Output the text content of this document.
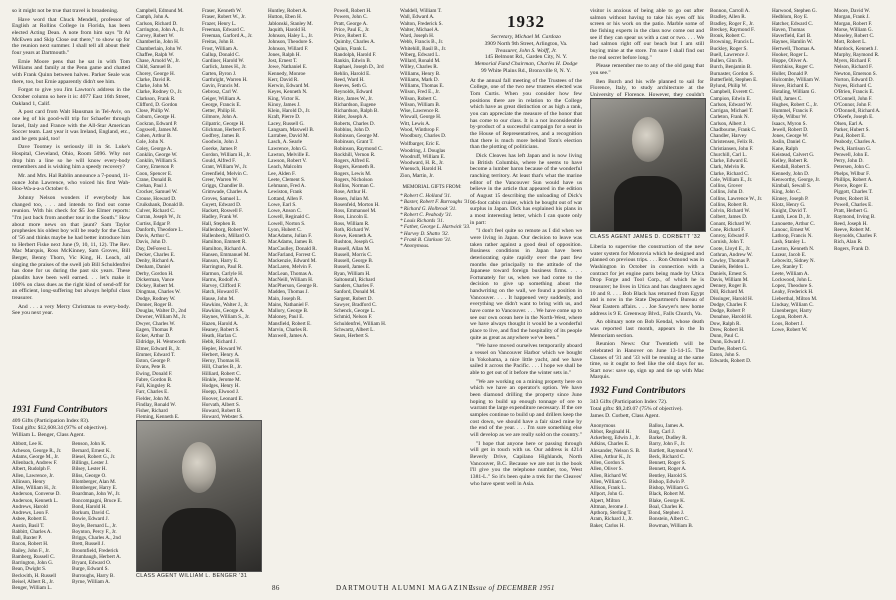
so it might not be true that travel is broadening.

Have word that Chuck Mendell, professor of English at Rollins College in Florida, has been elected Acting Dean. A note from him says "It Al McEwen and Skip Close out there," to show up for the reunion next summer. I shall tell all about their four years at Dartmouth."

Ernie Moore pens that he sat in with Tom Williams and family at the Penn game and chatted with Frank Quinn between halves. Parker Seale was there, too, but Ernie apparently didn't see him.

Forgot to give you Jim Lawton's address in the October column so here it is: 4077 East 16th Street, Oakland 1, Calif.

A post card from Walt Hausman in Tel-Aviv, on one leg of his good-will trip for Schaefer through Israel, Italy and France with the All-Star American Soccer team. Last year it was Ireland, England, etc., and he gets paid, too!

Dave Toomey is seriously ill in St. Luke's Hospital, Cleveland, Ohio, Room 5096. Why not drop him a line so he will know every-body remembers and is wishing him a speedy recovery?

Mr. and Mrs. Hal Rablin announce a 7-pound, 11-ounce John Lawrence, who voiced his first Wah-Hoo-Wa-a-a-a October 6.

Johnny Nelson wonders if everybody has changed too, . . . and intends to find out come reunion. With his check for $5 Joe Elmer reports: "I'm just back from another tour in the South." How about more news on that jaunt? Sam Taylor prophesies his oldest boy will be ready for the Class of '56 and thinks maybe he had better introduce him to Herbert Fiske next June (9, 10, 11, 12). The Rev. Mac Marquis, Ross McKinney, Sam Groves, Bill Berger, Benny Thorn, Vic King, H. Leach, all singing the praises of the swell job Bill Schuldenfrei has done for us during the past six years. These plaudits have been well earned. . . let's make it 100% on class dues as the right kind of send-off for an efficient, long-suffering but always helpful class treasurer.

And . . . a very Merry Christmas to every-body. See you next year.

1931 Fund Contributors
409 Gifts (Participation Index 83).
Total gifts: $12,608.34 (97% of objective).
William L. Benger, Class Agent.
Abbott, Lee K.
Acheson, George R., Jr.
Adams, George M., Jr.
Allenbach, Andrew F.
Albert, Rudolph F.
Allen, Lawrence, Jr.
Allinson, Henry
Allen, William H., Jr.
Anderson, Converse D.
Anderson, Kenneth L.
Andrews, Harold
Andrews, Leon F.
Asbee, Robert E.
Austin, Basil T.
Babbitt, Charles A.
Ball, Baxter P.
Bacon, Robert H.
Bailey, John F., Jr.
Bamberg, Russell C.
Barrington, John G.
Bean, Dwight S.
Beckwith, H. Russell
Beisel, Albert R., Jr.
Benger, William L.
Benson, John K.
Bernard, Ernest K.
Biesel, Robert G., Jr.
Billings, Lester J.
Bilsey, Lester H.
Bliss, George O.
Blomberger, Alan M.
Blomberger, Harry E.
Boardman, John W., Jr.
Boncompagni, Bruce E.
Bond, Harold H.
Borkum, David C.
Bowie, Edward J.
Boyle, Bernard L., Jr.
Boynton, Percy F., Jr.
Briggs, Charles A., 2nd
Brett, Russell J.
Broomfield, Frederick
Brumbaugh, Herbert A.
Bryant, Edward O.
Burge, Edward S.
Burroughs, Harry B.
Byrne, William A.
Campbell, Edmund M.
Camph, John A.
Carlson, Richard D.
Carrington, John A., Jr.
Carvey, Robert W.
Chamberlin, John H.
Chamberlain, John W.
Chaffee, Ralph W.
Chase, Arnold W., Jr.
Child, Samuel B.
Chorey, George H.
Clarke, David R.
Clarke, John M.
Clarke, Rodney O., Jr.
Clarkson, Frank R.
Clifford, D. Gordon
Close, Philip W.
Coburn, George H.
Cockran, Edward P.
Cogswell, James M.
Cohen, Arthur B.
Cole, John N.
Coley, George A.
Conklin, George W.
Conklin, William S.
Corey, Emerson P.
Coon, Spencer E.
Crane, Donald B.
Crehan, Paul J.
Crocker, Samuel W.
Crouse, Howard D.
Cruikshank, Donald B.
Culver, Richard C.
Curran, Joseph W., Jr.
Curtiss, Edgar P.
Danforth, Theodore L.
Davis, Arthur C.
Davis, John D.
Day, DeForest L.
Decker, Charles E.
Denby, Richard A.
Denham, Daniel
Derby, Gordon H.
Dickerman, Vance
Dickey, Robert M.
Dingman, Charles W.
Dodge, Rodney W.
Donner, Roger B.
Douglas, Walter D., 2nd
Downer, William M., Jr.
Dwyer, Charles W.
Eagen, Thomas P.
Ecker, Arthur D.
Eldridge, H. Wentworth
Elmer, Edward B., Jr.
Emmer, Edward T.
Eston, George P.
Evans, Pete B.
Ewing, Donald F.
Fabre, Gordon B.
Fall, Kingsley R.
Farr, Charles E.
Fielder, John M.
Findlay, Ronald W.
Fisher, Richard
Fleming, Kenneth E.
Fraser, Kenneth W.
Fraser, Robert W., Jr.
Frazer, Henry L.
Freeman, Edward C.
Freeman, Garford A., Jr.
Freitas, John B.
Frost, William A.
Gallup, Donald C.
Gardiner, Harold W.
Garlick, James H., Jr.
Garten, Byron J.
Garthright, Warren H.
Gavin, Francis M.
Gebrosz, Carl W.
Geiger, William A.
George, Francis E.
Getter, Philip H.
Gilmore, John A.
Gilpatric, George H.
Glickman, Herbert F.
Godfrey, James B.
Goodwin, John J.
Goerke, James P.
Gordon, William H., Jr.
Gould, Alfred F.
Grant, William W., Jr.
Greenfield, Melvin C.
Greer, Warren W.
Griggs, Chandler B.
Grimwade, Charles A.
Groves, Samuel L.
Guyett, Edward D.
Hackett, Roswell F.
Hadley, Frank W.
Hall, Stephen B.
Hallenborg, Robert W.
Hallenbeck, Millard O.
Hamilton, Emmett R.
Hamilton, Richard A.
Hansen, Emmanuel M.
Hanson, Harry E.
Harrington, Paul R.
Harmon, Carlyle H.
Harms, Rodolf A.
Harvey, Clifford F.
Hatch, Howard F.
Hause, John M.
Hawkins, Walter J., Jr.
Hawkins, George A.
Haynes, William S., Jr.
Hazen, Harold A.
Heaney, Robert S.
Heath, Harlan C.
Hebb, Richard J.
Hepler, Howard W.
Herbert, Henry A.
Heroy, Thomas H.
Hill, Charles B., Jr.
Hilliard, Robert C.
Hinkle, Jerome M.
Hodges, Henry H.
Hoepp, Elwood J.
Hoover, Leonard E.
Horvath, Albert S.
Howard, Robert B.
Howard, Webster S.
CLASS AGENT WILLIAM L. BENGER '31
Huntley, Robert A.
Hutton, Eben H.
Jablonski, Stanley M.
Jaquith, Harold H.
Johnson, Haley L., Jr.
Johnson, Theodore S.
Johnson, Willard F.
Jones, Ralph H.
Jost, Ernest T.
Jowe, Nathaniel E.
Kennedy, Monroe
Kerr, David R.
Kerwin, Edward M.
Keyes, Kenneth N.
King, Victor K.
Kinoy, James J.
Klein, Harold D., Jr.
Kraft, Pierre D.
Lacey, Russell G.
Langsam, Maxwell B.
Larrabee, David M.
Lasch, A. Searle
Lawrence, John G.
Lawton, Melville E.
Lawson, Robert V.
Leach, Malcolm
Lee, Alden F.
Leete, Clement S.
Lehmann, Fred A.
Lewiston, Frank
Lottand, Allen F.
Lowe, Earl S.
Lowe, Anson C.
Lowell, Reginald C.
Lowell, Norton S.
Lyon, Hubert C.
MacAdams, Julian F.
MacAdams, James B.
MacCaulley, Donald R.
MacFarland, Forrest C.
Mackenzie, Edward M.
MacLaren, Melvin F.
MacLean, Thomas A.
MacNeill, William H.
MacPherson, George R.
Madden, Thomas J.
Main, Joseph R.
Mains, Nathaniel F.
Mallory, George B.
Maloney, Paul E.
Mansfield, Robert E.
Marvin, Charles R.
Maxwell, James A.
Powell, Robert H.
Powers, John C.
Pratt, George A.
Price, Paul E., Jr.
Price, Robert E.
Quimby, Charles A.
Quinn, Frank L.
Randolph, Harold F.
Rankin, Edwin B.
Raphael, Joseph D., 3rd
Rehlin, Harold E.
Reed, Ward H.
Reeves, Seth G.
Reynolds, Edward
Rice, James W., Jr.
Richardson, Eugene
Richardson, Ralph B.
Rider, Joseph A.
Roberts, Charles D.
Robbins, John D.
Robinson, George M.
Robinson, Grant T.
Robinson, Raymond C.
Rockhill, Vernon R.
Rogers, Alfred E.
Rogers, Kenneth R.
Rogers, Lewis M.
Rogers, Nicholson
Rollins, Norman C.
Rose, Arthur H.
Rosen, Julian M.
Rosenfeld, Morton H.
Ross, Emmanuel M.
Ross, Lincoln E.
Ross, William R.
Roth, Richard W.
Rowe, Kenneth A.
Rushton, Joseph G.
Russell, Allan M.
Russell, Morris C.
Russell, George B.
Russell, James E.
Ryan, William H.
Saltonstall, Richard
Sanders, Charles F.
Sanford, Donald M.
Sargent, Robert D.
Sawyer, Bradford C.
Schenck, George L.
Schmid, Nelson F.
Schuldenfrei, William H.
Schwartz, Albert L.
Sears, Herbert S.
Waddell, William T.
Wall, Edward A.
Walton, Frederick S.
Walter, Michael A.
Ward, Joseph H.
Webb, Francis B., Jr.
Whitehill, Basil B., Jr.
Wiberg, Edward L.
Willard, Ronald M.
Willey, Charles R.
Williams, Henry B.
Williams, Mark D.
Williams, Thomas E.
Wilson, Fred E., Jr.
Wilson, Robert C.
Wilson, William B.
Wise, Lawrence R.
Wiswall, George H.
Witt, Lewis A.
Wood, Winthrop F.
Woodbury, Charles D.
Wolfbarger, Eric E.
Woodring, J. Douglas
Woodruff, William E.
Woodward, H. R., Jr.
Wuensch, Harold H.
Zion, Martin, Jr.
MEMORIAL GIFTS FROM:
* Robert C. Holland '31.
* Baxter, Robert F. Burroughs '31.
* Richard G. Holbrook '31.
* Robert C. Peabody '31.
* Louis Richards '31.
* Father, George L. Hartwick '33.
* Harvey D. Shatto '32.
* Frank B. Clarkson '31.
* Anonymous.
1932
Secretary, Michael M. Cardozo
3909 North 9th Street, Arlington, Va.
Treasurer, John S. Wolff, Jr.
145 Belmont Rd., Garden City, N. Y.
Memorial Fund Chairman, Charles H. Dodge
99 White Plains Rd., Bronxville 8, N. Y.

At the annual fall meeting of the Trustees of the College, one of the two new trustees elected was Tom Curtis. When you consider how few positions there are in relation to the College which have as great distinction or as high a rank, you can appreciate the measure of the honor that has come to our class. It is a not inconsiderable by-product of a successful campaign for a seat in the House of Representatives, and a recognition that there is much more behind Tom's election than the plotting of politicians.

Dick Cleaves has left Japan and is now living in British Columbia, where he seems to have become a lumber baron because of the wonderful ranching territory. At least that's what the marine editor of the Vancouver Sun would have us believe in the article that appeared in the edition of August 15 describing the unloading of Dick's 96-foot cabin cruiser, which he bought out of war surplus in Japan. Dick has explained his plans in a most interesting letter, which I can quote only in part:

"I don't feel quite so remote as I did when we were living in Japan. Our decision to leave was taken rather against a good deal of opposition. Business conditions in Japan have been deteriorating quite rapidly over the past few months due principally to the attitude of the Japanese toward foreign business firms. . . . Fortunately for us, when we had come to the decision to give up something about the handwriting on the wall, we found a position in Vancouver. . . . It happened very suddenly, and everything we didn't want to bring with us, and have come to Vancouver. . . . We have come up to see our own ocean here in the North-West, where we have always thought it would be a wonderful place to live, and find the hospitality of its people quite as great as anywhere we've been."

"We have moved ourselves temporarily aboard a vessel on Vancouver Harbor which we bought in Yokohama, a nice little yacht, and we have sailed it across the Pacific. . . . I hope we shall be able to get out of it before the winter sets in."

"We are working on a mining property here on which we have an operator's option. We have been diamond drilling the property since June hoping to build up enough tonnage of ore to warrant the large expenditure necessary. If the ore samples continue to build up and drillers keep the cost down, we should have a fair sized mine by the end of the year. . . . I'm sure something else will develop as we are really sold on the country."

"I hope that anyone here or passing through will get in touch with us. Our address is 4214 Beverly Drive, Capilano Highlands, North Vancouver, B.C. Because we are not in the book I'll give you the telephone number, too, West 1381-L." So it's been quite a trek for the Cleaves' who have spent well in Asia.

visitor is anxious of being able to go out after salmon without having to take his eyes off his screen or his work on the patio. Marble some of the fishing experts in the class now come out and see if they can spear us with a cast or two. . . . We had salmon right off our beach but I am still buying mine at the store. I'm sure I shall find out the real secret before long."

Please remember me to any of the old gang that you see."

Ben Burch and his wife planned to sail for Florence, Italy, to study architecture at the University of Florence. However, they couldn't

CLASS AGENT JAMES D. CORBETT '32

Liberia to supervise the construction of the new water system for Monrovia which he designed and planned on previous trips. . . . Ron Osmond was in Washington in October in connection with a contract for jet engine parts being made by Utica Drop Forge and Tool Corp., of which he is treasurer; he lives in Utica and has daughters aged 10 and 8. . . . Bob Black has returned from Egypt and is now in the State Department's Bureau of Near Eastern affairs. . . . Joe Sawyer's new home address is 9 E. Greenway Blvd., Falls Church, Va.

An obituary note on Bob Kendal, whose death was reported last month, appears in the In Memoriam section.

Reunion News: Our Twentieth will be celebrated in Hanover on June 13-14-15. The Classes of '31 and '33 will be reuning at the same time, so it ought to feel like the old days for us. Start now: save up, sign up and tie up with Mac Marquis.

1932 Fund Contributors
343 Gifts (Participation Index 72).
Total gifts: $9,249.07 (75% of objective).
James D. Corbett, Class Agent.
Anonymous
Abbot, Reginald H.
Ackerberg, Edwin J., Jr.
Adkins, Charles E.
Alexander, Nelson S. B.
Allen, Arthur K., Jr.
Allen, Gordon S.
Allen, Oliver S.
Allen, Richard W.
Allen, William G.
Allison, Frank L.
Allport, John G.
Alpert, Milton
Altman, Jerome J.
Apthorp, Sterling T.
Aram, Richard J., Jr.
Baker, Carlos H.
Ballou, James A.
Barg, Carl J.
Barker, Dudley R.
Barry, John F., Jr.
Bartlett, Raymond V.
Beck, Richard C.
Bennett, Roger S.
Bennett, Roger A.
Bentley, Harold S.
Bishop, Edwin P.
Bishop, William G.
Black, Robert M.
Blake, George K.
Boal, Charles K.
Bond, Stephen J.
Bonstein, Albert C.
Bowman, William B.
Bonnon, Carroll A.
Bradley, Allen R.
Bradley, Roger F., Jr.
Breckey, Raymond F.
Bronk, Robert C.
Browning, Francis L.
Buckley, Roger S.
Buell, Lawrence J.
Bullen, Ginn B.
Burch, Benjamin B.
Burnaster, Gordon S.
Butterfield, Stephen E.
Bylund, Philip W.
Campbell, Everett C.
Campion, Edwin E.
Carlson, Edward W.
Carrigan, Michael T.
Carleton, Frank N.
Carlson, Albert J.
Chadbourne, Frank C.
Chandler, Harvey
Christensen, Felix R.
Christiansen, John F.
Churchill, Carl L.
Clarke, Edward E.
Clark, Melvin R.
Clarke, Richard C.
Cole, William E., Jr.
Collins, Grover
Collins, John D.
Collins, Lawrence W., Jr.
Collins, Robert R.
Colvin, Richard W.
Colbert, James D.
Conant, Richard W.
Cone, Richard F.
Conroy, Edward F.
Cornish, John T.
Coote, Lloyd E., Jr.
Cothran, Andrew W.
Cowley, Thomas P.
Daniels, Belden L.
Daniels, Ernest S.
Davis, William M.
Denney, Roger B.
Dill, Richard M.
Dissinger, Harold H.
Dodge, Charles F.
Dodge, Robert P.
Donahue, Harold H.
Dow, Ralph R.
Drew, Robert H.
Dunn, Paul C.
Dunn, Edward J.
Durfee, Robert G.
Eaton, John S.
Edwards, Robert D.
Harwood, Stephen G.
Hedblom, Roy E.
Hatcher, Edward C.
Haven, Thomas
Haverfield, Earl B.
Haynes, Hamlin W.
Hertwell, Thomas A.
Hooker, Roger L.
Hoppe, Oliver A.
Hotchkiss, Roger C.
Holler, Donald P.
Holcombe, William W.
Howe, Richard E.
Hotaling, William G.
Hull, James C.
Hughes, Robert C., Jr.
Hummel, Francis F.
Hyde, Wilbur W.
Isaacs, Myron S.
Jewell, Robert D.
Jones, George W.
Joslin, Daniel C.
Kane, Ralph
Keistead, Calvert G.
Kelley, Robert R.
Kendall, Robert S.
Kennedy, John D.
Kenworthy, George, Jr.
Kimball, Sewall S.
King, John C.
Kinney, Joseph P.
Klotz, Henry G.
Knight, David T.
Lamb, Leon D., Jr.
Lanouette, Arthur C.
Lanouc, Ernest W.
Lathrop, Francis N.
Lash, Stanley L.
Lawton, Kenneth N.
Lazear, Jacob E.
Lebowitz, Sidney N.
Lee, Stanley T.
Leete, William A.
Lockwood, John L.
Lopez, Theodore S.
Leahy, Frederick H.
Lieberthal, Milton M.
Lindsay, William C.
Linenberger, Harry
Logan, Robert A.
Loos, Robert J.
Lowe, Robert W.
Moore, David W.
Morgan, Frank J.
Morgan, Robert F.
Morse, William G.
Moseley, Robert C.
Mott, Robert L.
Murdock, Kenneth J.
Murphy, Raymond R.
Myers, Richard F.
Nelson, Richard F.
Newton, Emerson S.
Norton, Edward D.
Noyes, Richard C.
O'Brien, Francis E.
O'Connell, John F.
O'Connor, John F.
O'Donnell, Richard A.
O'Keefe, Joseph E.
Olsen, Earl A.
Parker, Hubert S.
Paul, Robert E.
Peabody, Charles A.
Peck, Harrison G.
Penwell, John E.
Perry, John D.
Petersen, John C.
Phelps, Wilbur F.
Phillips, Robert A.
Pierce, Roger E.
Piggott, Charles T.
Potter, Robert H.
Powell, Charles E.
Pratt, Herbert G.
Raymond, Irving B.
Reed, Joseph H.
Reeve, Robert M.
Reynolds, Charles F.
Rich, Alan R.
Rogers, Frank D.
86	DARTMOUTH ALUMNI MAGAZINE
Issue of DECEMBER 1951
